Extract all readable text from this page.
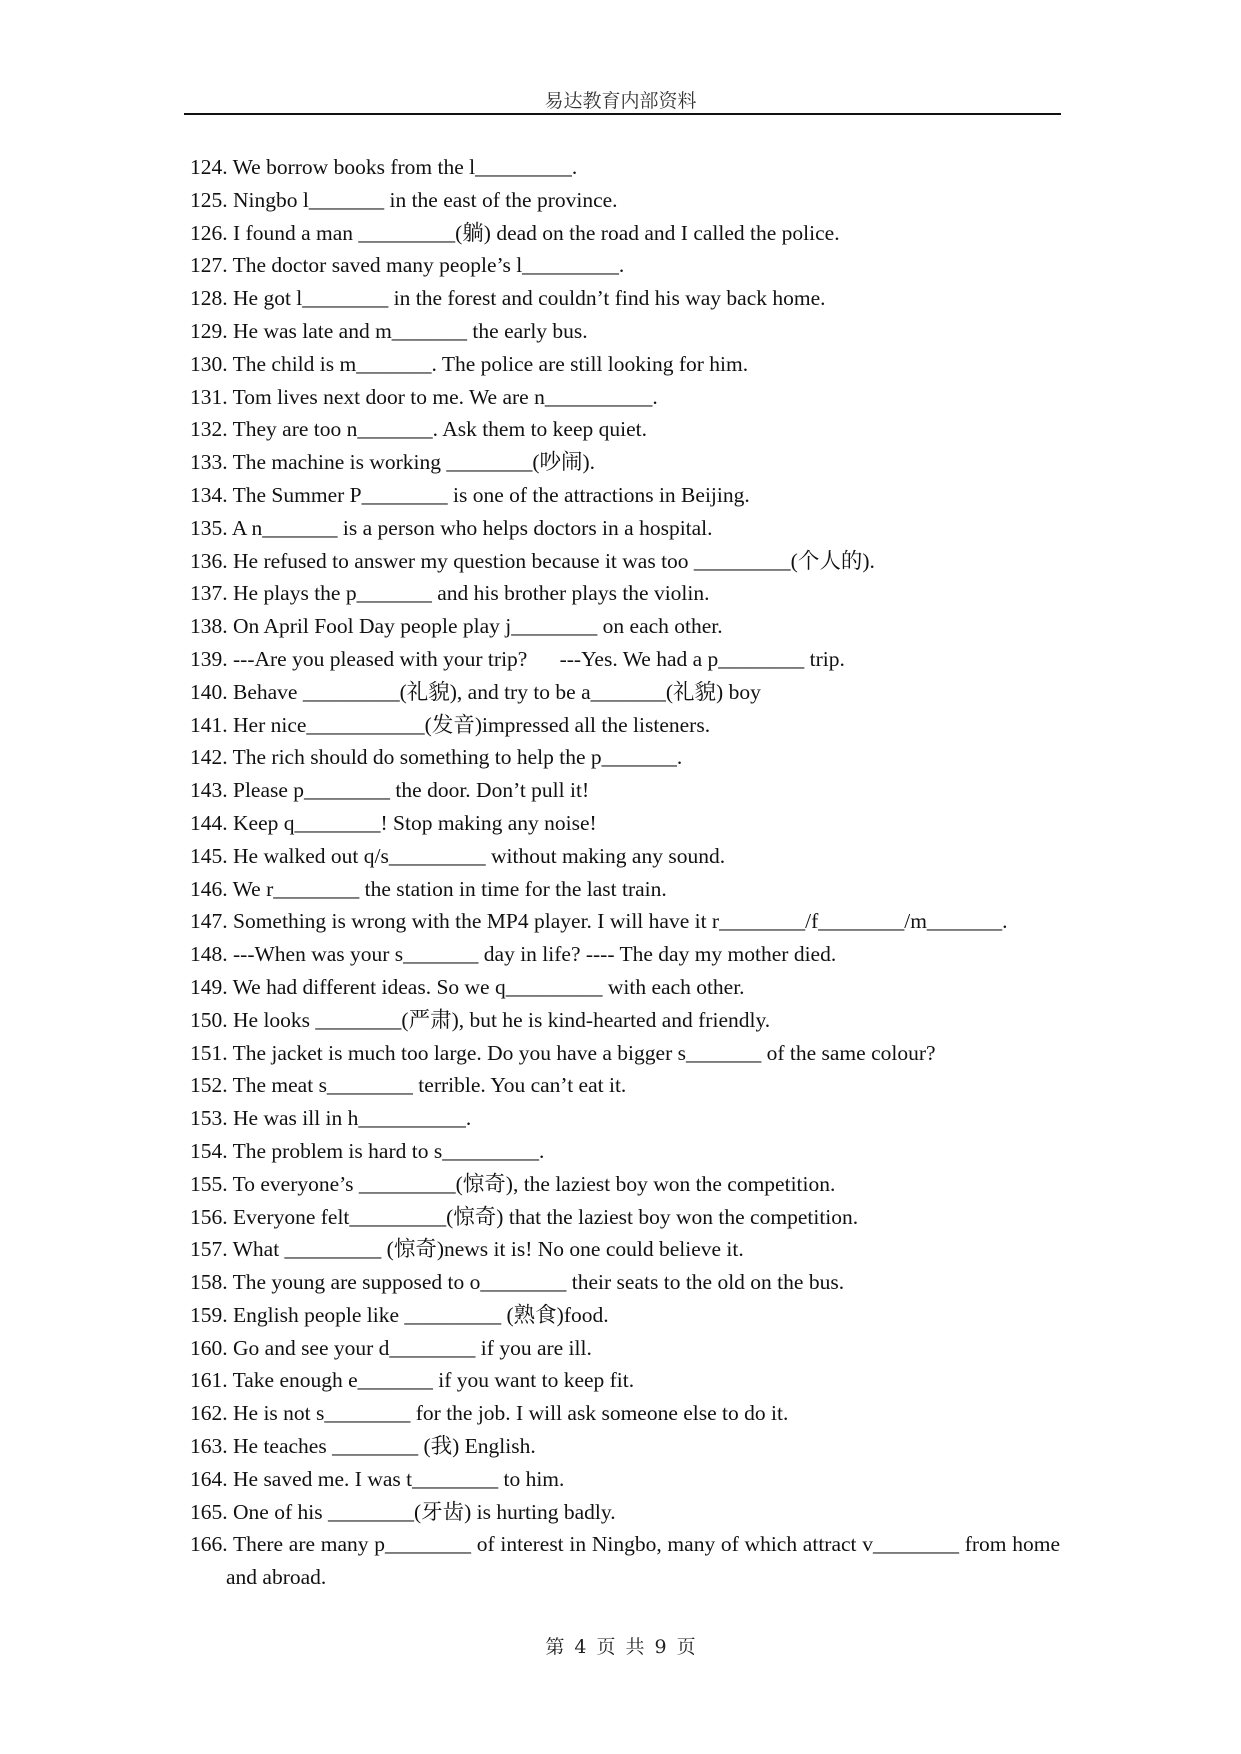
易达教育内部资料
124. We borrow books from the l_________.
125. Ningbo l_______ in the east of the province.
126. I found a man _________(躺) dead on the road and I called the police.
127. The doctor saved many people’s l_________.
128. He got l________ in the forest and couldn’t find his way back home.
129. He was late and m_______ the early bus.
130. The child is m_______. The police are still looking for him.
131. Tom lives next door to me. We are n__________.
132. They are too n_______. Ask them to keep quiet.
133. The machine is working ________(吵闹).
134. The Summer P________ is one of the attractions in Beijing.
135. A n_______ is a person who helps doctors in a hospital.
136. He refused to answer my question because it was too _________(个人的).
137. He plays the p_______ and his brother plays the violin.
138. On April Fool Day people play j________ on each other.
139. ---Are you pleased with your trip?      ---Yes. We had a p________ trip.
140. Behave _________(礼貌), and try to be a_______(礼貌) boy
141. Her nice___________(发音)impressed all the listeners.
142. The rich should do something to help the p_______.
143. Please p________ the door. Don’t pull it!
144. Keep q________! Stop making any noise!
145. He walked out q/s_________ without making any sound.
146. We r________ the station in time for the last train.
147. Something is wrong with the MP4 player. I will have it r________/f________/m_______.
148. ---When was your s_______ day in life? ---- The day my mother died.
149. We had different ideas. So we q_________ with each other.
150. He looks ________(严肃), but he is kind-hearted and friendly.
151. The jacket is much too large. Do you have a bigger s_______ of the same colour?
152. The meat s________ terrible. You can’t eat it.
153. He was ill in h__________.
154. The problem is hard to s_________.
155. To everyone’s _________(惊奇), the laziest boy won the competition.
156. Everyone felt_________(惊奇) that the laziest boy won the competition.
157. What _________ (惊奇)news it is! No one could believe it.
158. The young are supposed to o________ their seats to the old on the bus.
159. English people like _________ (熟食)food.
160. Go and see your d________ if you are ill.
161. Take enough e_______ if you want to keep fit.
162. He is not s________ for the job. I will ask someone else to do it.
163. He teaches ________ (我) English.
164. He saved me. I was t________ to him.
165. One of his ________(牙齿) is hurting badly.
166. There are many p________ of interest in Ningbo, many of which attract v________ from home and abroad.
第 4 页 共 9 页
